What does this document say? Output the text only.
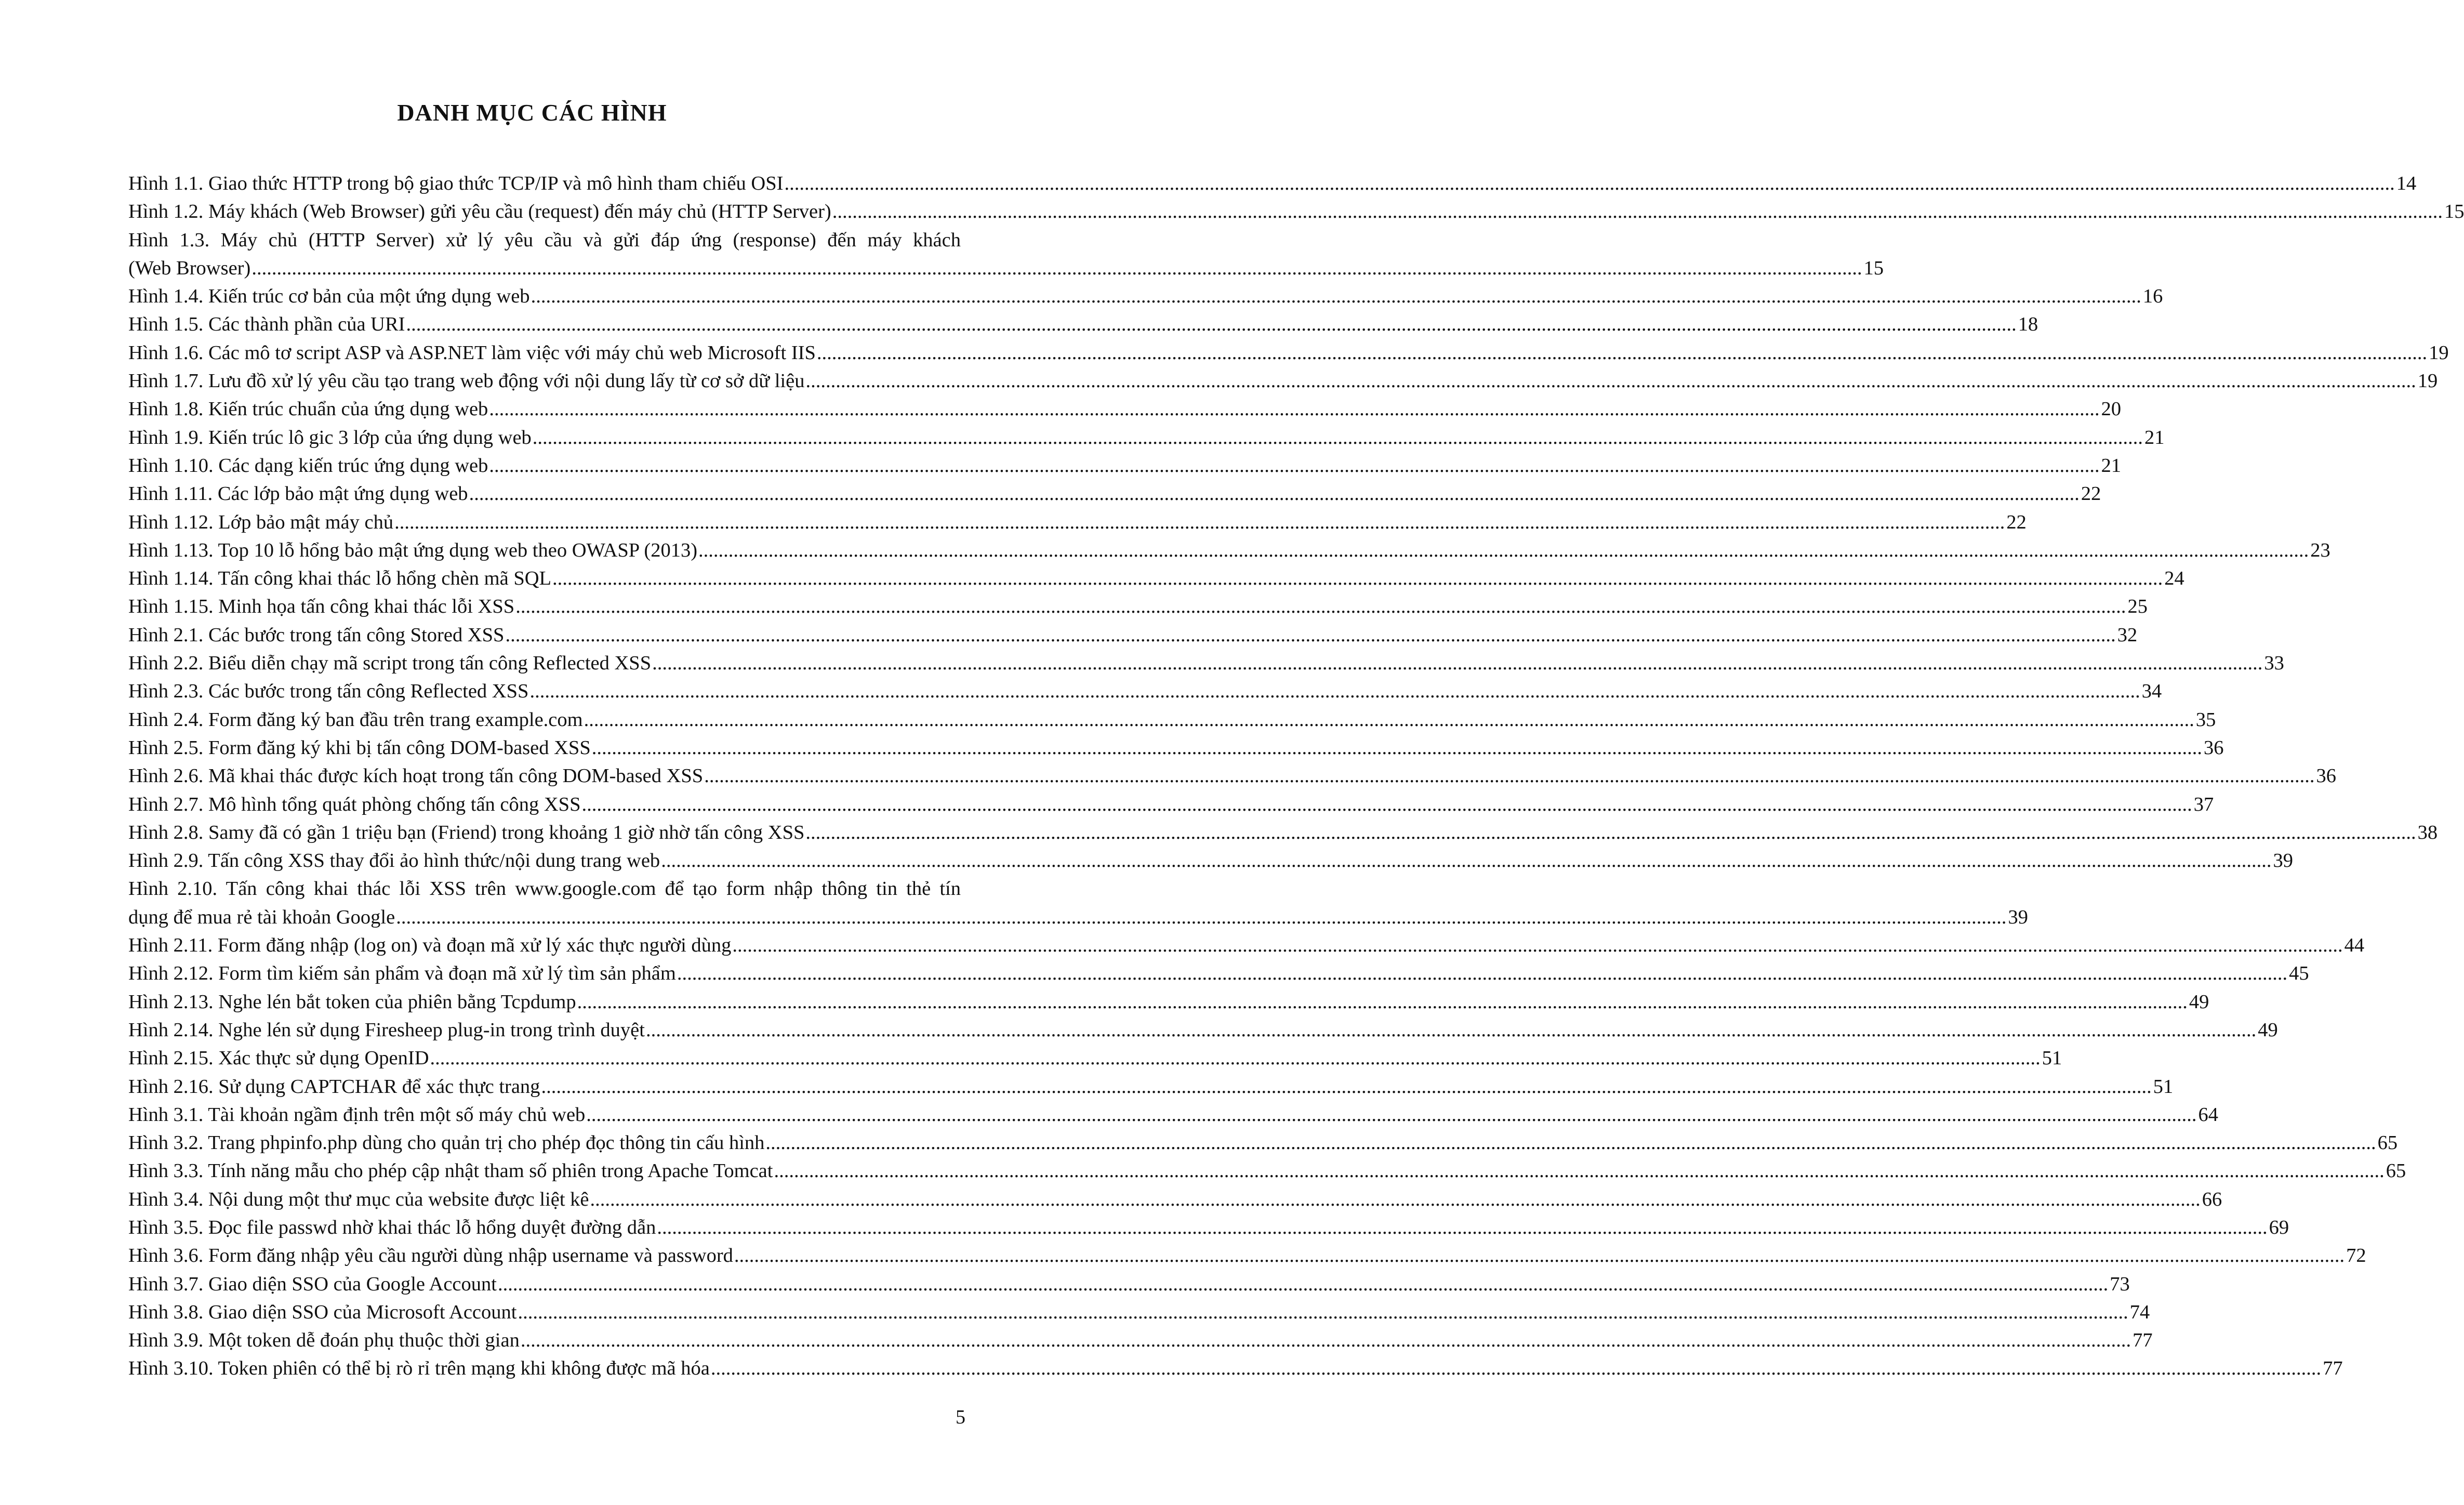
DANH MỤC CÁC HÌNH
Hình 1.1. Giao thức HTTP trong bộ giao thức TCP/IP và mô hình tham chiếu OSI .....	14
Hình 1.2. Máy khách (Web Browser) gửi yêu cầu (request) đến máy chủ (HTTP Server) .....	15
Hình 1.3. Máy chủ (HTTP Server) xử lý yêu cầu và gửi đáp ứng (response) đến máy khách
(Web Browser) .....	15
Hình 1.4. Kiến trúc cơ bản của một ứng dụng web .....	16
Hình 1.5. Các thành phần của URI .....	18
Hình 1.6. Các mô tơ script ASP và ASP.NET làm việc với máy chủ web Microsoft IIS .....	19
Hình 1.7. Lưu đồ xử lý yêu cầu tạo trang web động với nội dung lấy từ cơ sở dữ liệu .....	19
Hình 1.8. Kiến trúc chuẩn của ứng dụng web .....	20
Hình 1.9. Kiến trúc lô gic 3 lớp của ứng dụng web .....	21
Hình 1.10. Các dạng kiến trúc ứng dụng web .....	21
Hình 1.11. Các lớp bảo mật ứng dụng web .....	22
Hình 1.12. Lớp bảo mật máy chủ .....	22
Hình 1.13. Top 10 lỗ hổng bảo mật ứng dụng web theo OWASP (2013) .....	23
Hình 1.14. Tấn công khai thác lỗ hổng chèn mã SQL .....	24
Hình 1.15. Minh họa tấn công khai thác lỗi XSS .....	25
Hình 2.1. Các bước trong tấn công Stored XSS .....	32
Hình 2.2. Biểu diễn chạy mã script trong tấn công Reflected XSS .....	33
Hình 2.3. Các bước trong tấn công Reflected XSS .....	34
Hình 2.4. Form đăng ký ban đầu trên trang example.com .....	35
Hình 2.5. Form đăng ký khi bị tấn công DOM-based XSS .....	36
Hình 2.6. Mã khai thác được kích hoạt trong tấn công DOM-based XSS .....	36
Hình 2.7. Mô hình tổng quát phòng chống tấn công XSS .....	37
Hình 2.8. Samy đã có gần 1 triệu bạn (Friend) trong khoảng 1 giờ nhờ tấn công XSS .....	38
Hình 2.9. Tấn công XSS thay đổi ảo hình thức/nội dung trang web .....	39
Hình 2.10. Tấn công khai thác lỗi XSS trên www.google.com để tạo form nhập thông tin thẻ tín
dụng để mua rẻ tài khoản Google .....	39
Hình 2.11. Form đăng nhập (log on) và đoạn mã xử lý xác thực người dùng .....	44
Hình 2.12. Form tìm kiếm sản phẩm và đoạn mã xử lý tìm sản phẩm .....	45
Hình 2.13. Nghe lén bắt token của phiên bằng Tcpdump .....	49
Hình 2.14. Nghe lén sử dụng Firesheep plug-in trong trình duyệt .....	49
Hình 2.15. Xác thực sử dụng OpenID .....	51
Hình 2.16. Sử dụng CAPTCHAR để xác thực trang .....	51
Hình 3.1. Tài khoản ngầm định trên một số máy chủ web .....	64
Hình 3.2. Trang phpinfo.php dùng cho quản trị cho phép đọc thông tin cấu hình .....	65
Hình 3.3. Tính năng mẫu cho phép cập nhật tham số phiên trong Apache Tomcat .....	65
Hình 3.4. Nội dung một thư mục của website được liệt kê .....	66
Hình 3.5. Đọc file passwd nhờ khai thác lỗ hổng duyệt đường dẫn .....	69
Hình 3.6. Form đăng nhập yêu cầu người dùng nhập username và password .....	72
Hình 3.7. Giao diện SSO của Google Account .....	73
Hình 3.8. Giao diện SSO của Microsoft Account .....	74
Hình 3.9. Một token dễ đoán phụ thuộc thời gian .....	77
Hình 3.10. Token phiên có thể bị rò rỉ trên mạng khi không được mã hóa .....	77
5
